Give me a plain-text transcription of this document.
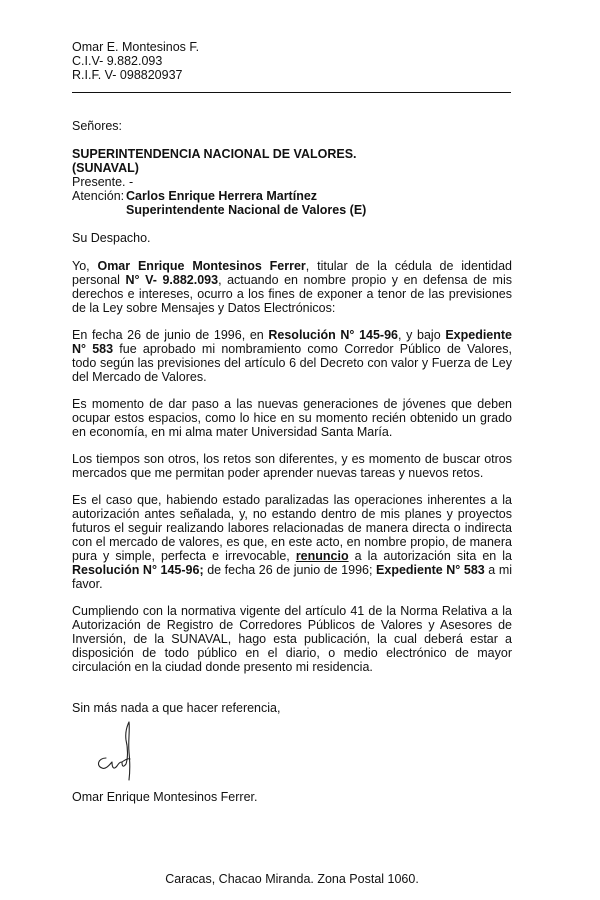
Omar E. Montesinos F.
C.I.V- 9.882.093
R.I.F. V- 098820937
Señores:
SUPERINTENDENCIA NACIONAL DE VALORES.
(SUNAVAL)
Presente. -
Atención: Carlos Enrique Herrera Martínez
Superintendente Nacional de Valores (E)
Su Despacho.

Yo, Omar Enrique Montesinos Ferrer, titular de la cédula de identidad personal N° V- 9.882.093, actuando en nombre propio y en defensa de mis derechos e intereses, ocurro a los fines de exponer a tenor de las previsiones de la Ley sobre Mensajes y Datos Electrónicos:

En fecha 26 de junio de 1996, en Resolución N° 145-96, y bajo Expediente N° 583 fue aprobado mi nombramiento como Corredor Público de Valores, todo según las previsiones del artículo 6 del Decreto con valor y Fuerza de Ley del Mercado de Valores.

Es momento de dar paso a las nuevas generaciones de jóvenes que deben ocupar estos espacios, como lo hice en su momento recién obtenido un grado en economía, en mi alma mater Universidad Santa María.

Los tiempos son otros, los retos son diferentes, y es momento de buscar otros mercados que me permitan poder aprender nuevas tareas y nuevos retos.

Es el caso que, habiendo estado paralizadas las operaciones inherentes a la autorización antes señalada, y, no estando dentro de mis planes y proyectos futuros el seguir realizando labores relacionadas de manera directa o indirecta con el mercado de valores, es que, en este acto, en nombre propio, de manera pura y simple, perfecta e irrevocable, renuncio a la autorización sita en la Resolución N° 145-96; de fecha 26 de junio de 1996; Expediente N° 583 a mi favor.

Cumpliendo con la normativa vigente del artículo 41 de la Norma Relativa a la Autorización de Registro de Corredores Públicos de Valores y Asesores de Inversión, de la SUNAVAL, hago esta publicación, la cual deberá estar a disposición de todo público en el diario, o medio electrónico de mayor circulación en la ciudad donde presento mi residencia.

Sin más nada a que hacer referencia,
Omar Enrique Montesinos Ferrer.
Caracas, Chacao Miranda. Zona Postal 1060.
